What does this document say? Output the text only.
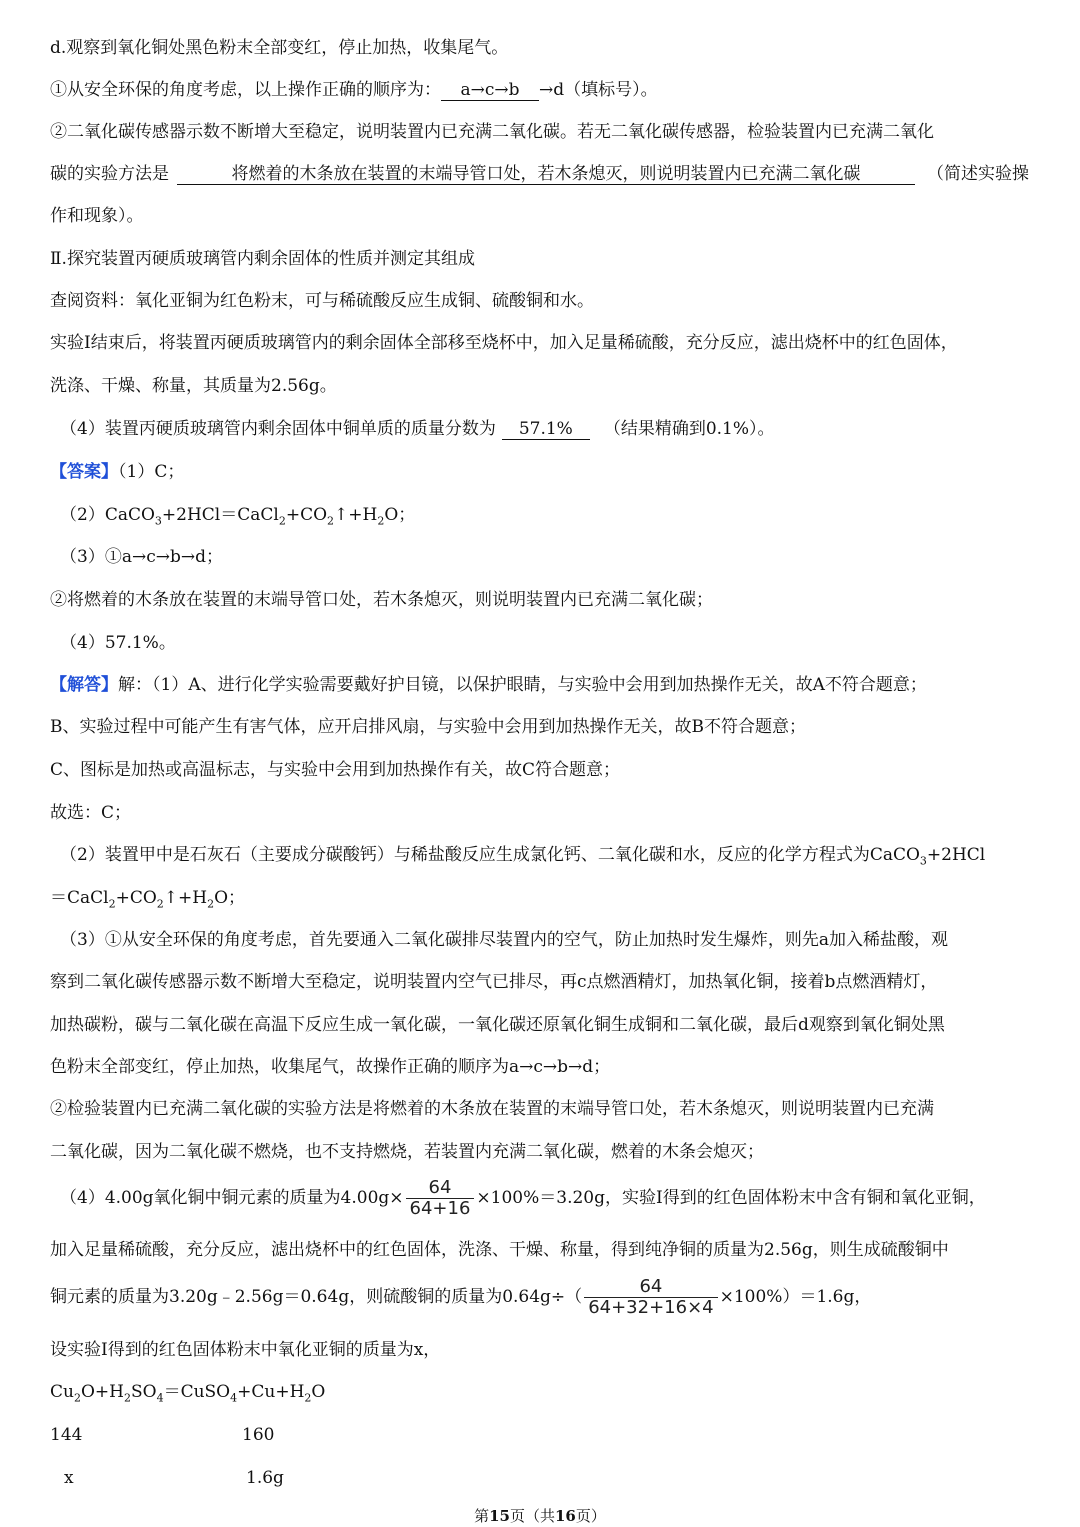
d.观察到氧化铜处黑色粉末全部变红，停止加热，收集尾气。
①从安全环保的角度考虑，以上操作正确的顺序为： a→c→b →d（填标号）。
②二氧化碳传感器示数不断增大至稳定，说明装置内已充满二氧化碳。若无二氧化碳传感器，检验装置内已充满二氧化
碳的实验方法是	将燃着的木条放在装置的末端导管口处，若木条熄灭，则说明装置内已充满二氧化碳	（简述实验操
作和现象）。
Ⅱ.探究装置丙硬质玻璃管内剩余固体的性质并测定其组成
查阅资料：氧化亚铜为红色粉末，可与稀硫酸反应生成铜、硫酸铜和水。
实验Ⅰ结束后，将装置丙硬质玻璃管内的剩余固体全部移至烧杯中，加入足量稀硫酸，充分反应，滤出烧杯中的红色固体，
洗涤、干燥、称量，其质量为2.56g。
（4）装置丙硬质玻璃管内剩余固体中铜单质的质量分数为 57.1% （结果精确到0.1%）。
【答案】（1）C；
$(2)CaCO_3+2HCl=CaCl_2+CO_2↑+H_2O$；
（3）①a→c→b→d；
②将燃着的木条放在装置的末端导管口处，若木条熄灭，则说明装置内已充满二氧化碳；
（4）57.1%。
【解答】解：（1）A、进行化学实验需要戴好护目镜，以保护眼睛，与实验中会用到加热操作无关，故A不符合题意；
B、实验过程中可能产生有害气体，应开启排风扇，与实验中会用到加热操作无关，故B不符合题意；
C、图标是加热或高温标志，与实验中会用到加热操作有关，故C符合题意；
故选：C；
（2）装置甲中是石灰石（主要成分碳酸钙）与稀盐酸反应生成氯化钙、二氧化碳和水，反应的化学方程式为CaCO$_3$+2HCl
$=CaCl_2+CO_2↑+H_2O$；
（3）①从安全环保的角度考虑，首先要通入二氧化碳排尽装置内的空气，防止加热时发生爆炸，则先a加入稀盐酸，观
察到二氧化碳传感器示数不断增大至稳定，说明装置内空气已排尽，再c点燃酒精灯，加热氧化铜，接着b点燃酒精灯，
加热碳粉，碳与二氧化碳在高温下反应生成一氧化碳，一氧化碳还原氧化铜生成铜和二氧化碳，最后d观察到氧化铜处黑
色粉末全部变红，停止加热，收集尾气，故操作正确的顺序为a→c→b→d；
②检验装置内已充满二氧化碳的实验方法是将燃着的木条放在装置的末端导管口处，若木条熄灭，则说明装置内已充满
二氧化碳，因为二氧化碳不燃烧，也不支持燃烧，若装置内充满二氧化碳，燃着的木条会熄灭；
（4）4.00g氧化铜中铜元素的质量为$4.00g\times \frac{64}{64+16} \times 100\%=3.20g$，实验Ⅰ得到的红色固体粉末中含有铜和氧化亚铜，
加入足量稀硫酸，充分反应，滤出烧杯中的红色固体，洗涤、干燥、称量，得到纯净铜的质量为2.56g，则生成硫酸铜中
铜元素的质量为3.20g﹣2.56g＝0.64g，则硫酸铜的质量为$0.64g\div( \frac{64}{64+32+16\times 4} \times 100\%)=1.6g$，
设实验Ⅰ得到的红色固体粉末中氧化亚铜的质量为x，
$Cu_2O+H_2SO_4=CuSO_4+Cu+H_2O$
144	160
x	1.6g
第15页（共16页）
